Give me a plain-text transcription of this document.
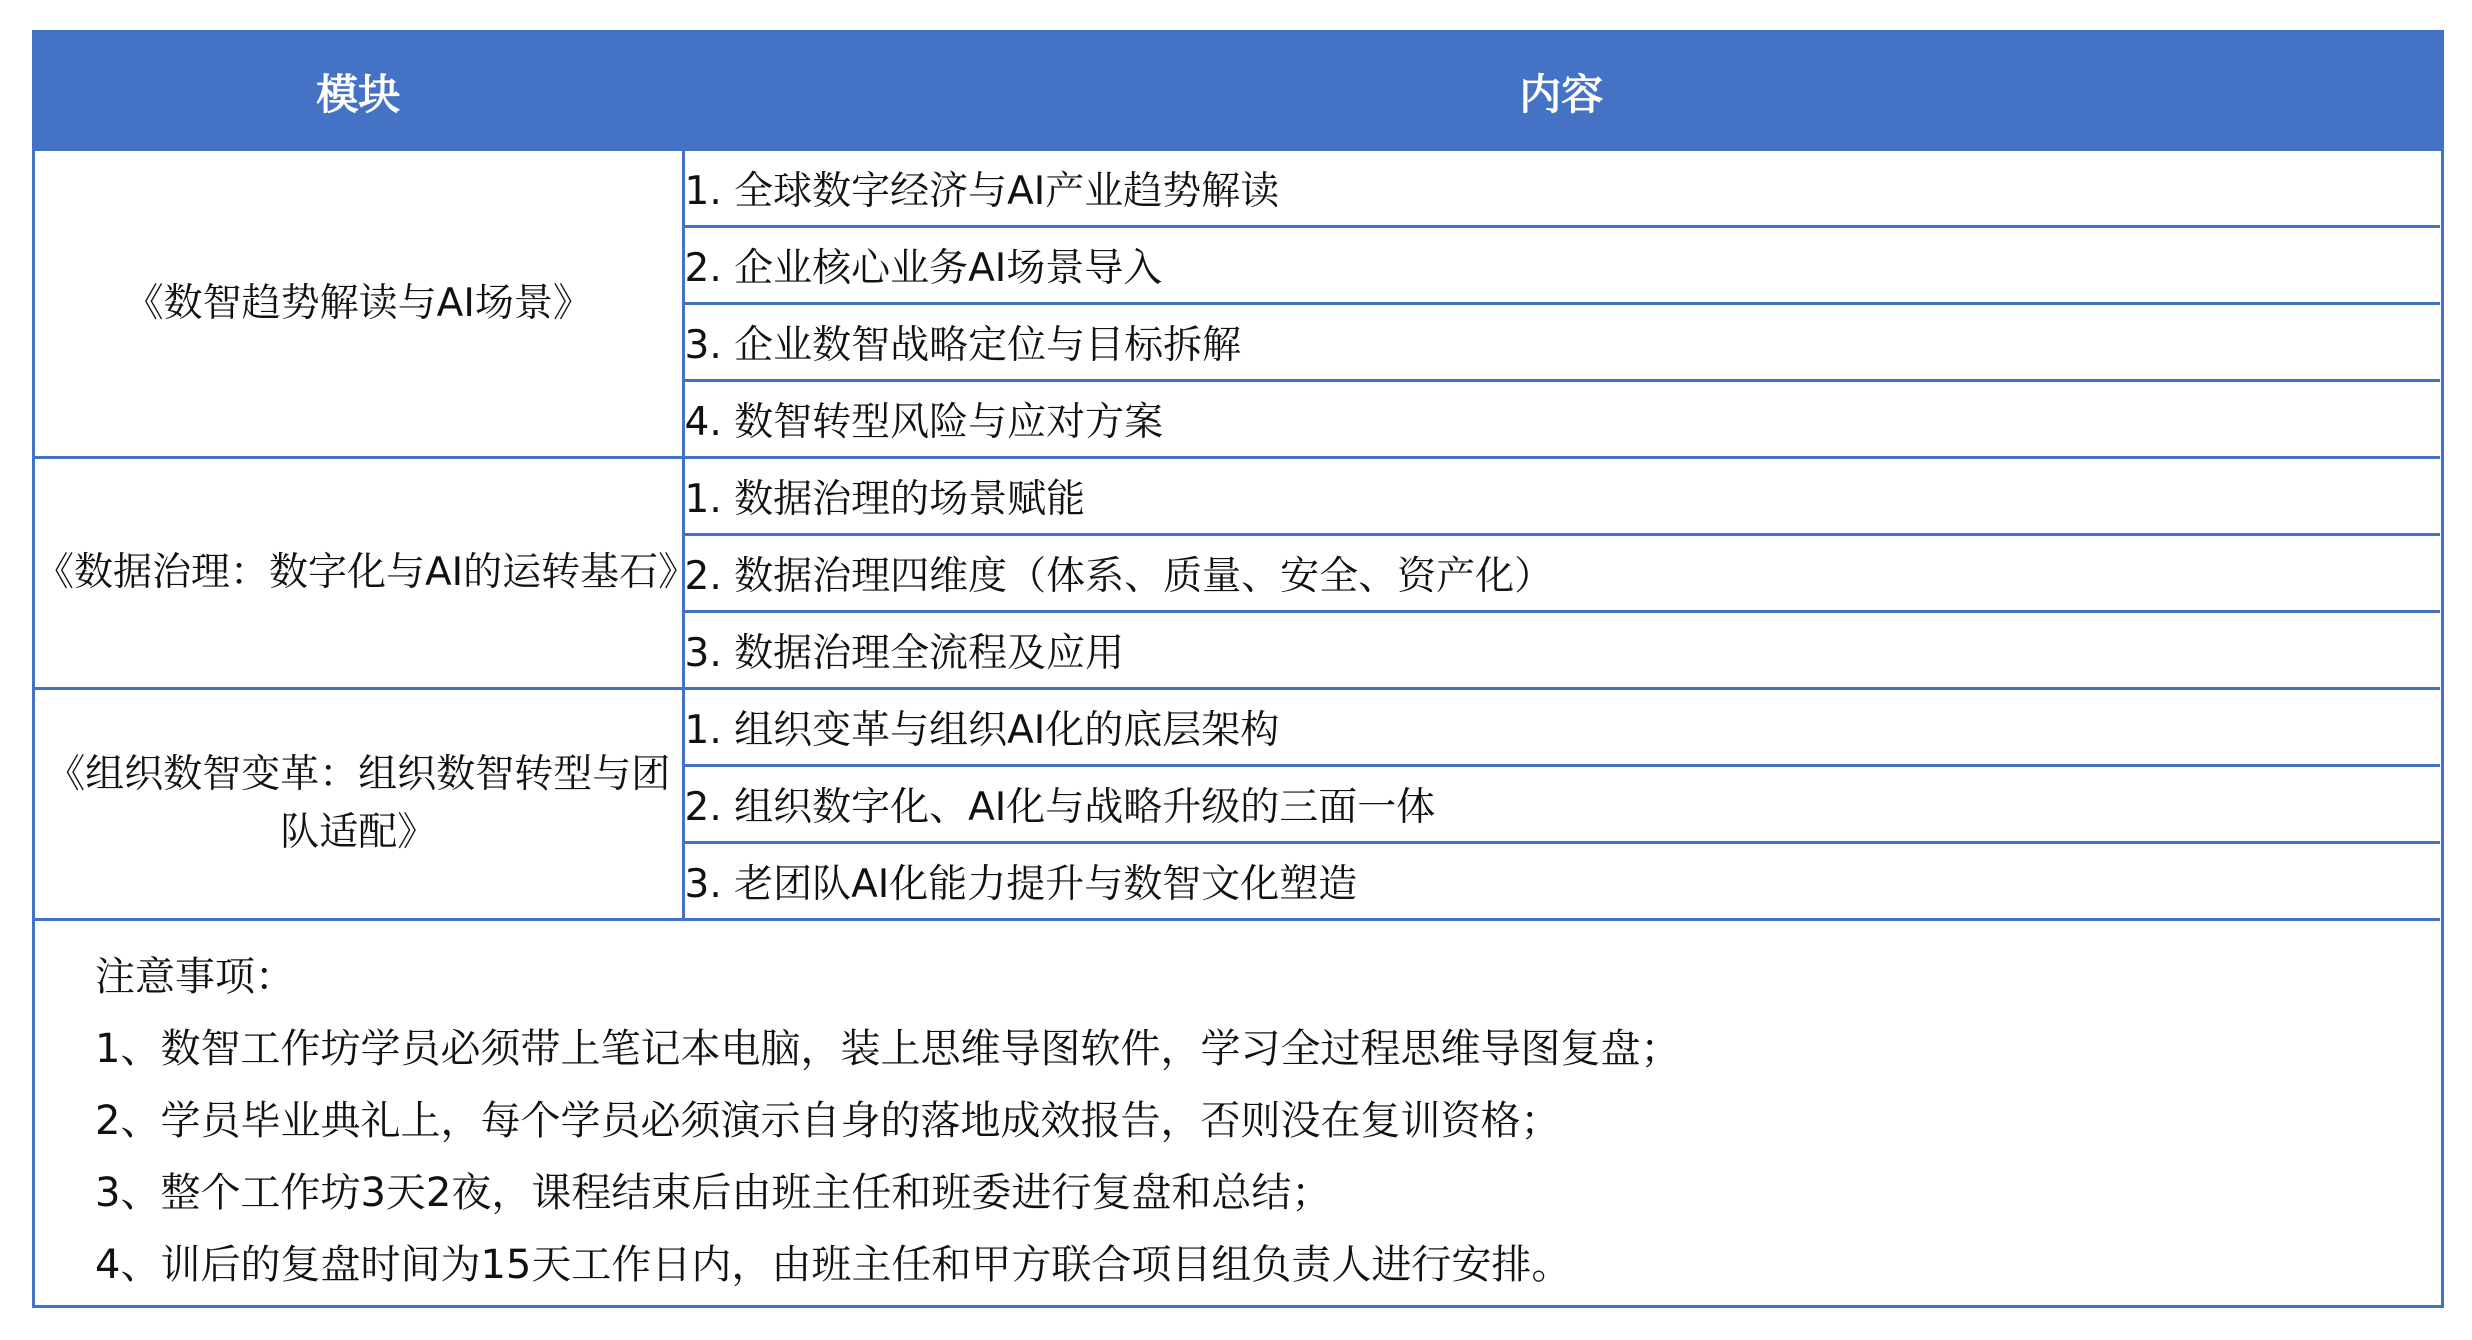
模块	内容
《数智趋势解读与AI场景》	1. 全球数字经济与AI产业趋势解读
	2. 企业核心业务AI场景导入
	3. 企业数智战略定位与目标拆解
	4. 数智转型风险与应对方案
《数据治理：数字化与AI的运转基石》	1. 数据治理的场景赋能
	2. 数据治理四维度（体系、质量、安全、资产化）
	3. 数据治理全流程及应用
《组织数智变革：组织数智转型与团队适配》	1. 组织变革与组织AI化的底层架构
	2. 组织数字化、AI化与战略升级的三面一体
	3. 老团队AI化能力提升与数智文化塑造

注意事项：
1、数智工作坊学员必须带上笔记本电脑，装上思维导图软件，学习全过程思维导图复盘；
2、学员毕业典礼上，每个学员必须演示自身的落地成效报告，否则没在复训资格；
3、整个工作坊3天2夜，课程结束后由班主任和班委进行复盘和总结；
4、训后的复盘时间为15天工作日内，由班主任和甲方联合项目组负责人进行安排。	
